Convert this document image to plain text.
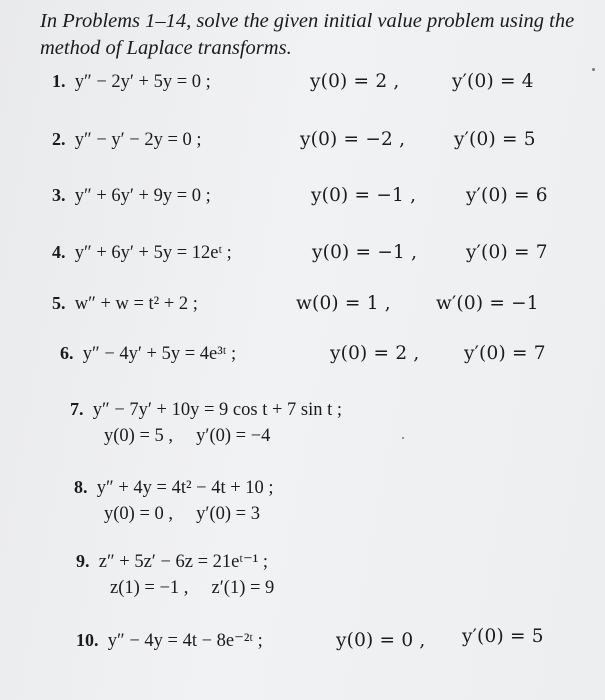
In Problems 1–14, solve the given initial value problem using the method of Laplace transforms.
1.
y″ − 2y′ + 5y = 0 ;	y(0) = 2 ,	y′(0) = 4
2.
y″ − y′ − 2y = 0 ;	y(0) = −2 ,	y′(0) = 5
3.
y″ + 6y′ + 9y = 0 ;	y(0) = −1 ,	y′(0) = 6
4.
y″ + 6y′ + 5y = 12eᵗ ;	y(0) = −1 ,	y′(0) = 7
5.
w″ + w = t² + 2 ;	w(0) = 1 , w′(0) = −1
6.
y″ − 4y′ + 5y = 4e³ᵗ ;	y(0) = 2 , y′(0) = 7
7.
y″ − 7y′ + 10y = 9 cos t + 7 sin t ;
y(0) = 5 , y′(0) = −4
8.
y″ + 4y = 4t² − 4t + 10 ;
y(0) = 0 , y′(0) = 3
9.
z″ + 5z′ − 6z = 21eᵗ⁻¹ ;
z(1) = −1 , z′(1) = 9
10.
y″ − 4y = 4t − 8e⁻²ᵗ ;	y(0) = 0 , y′(0) = 5
